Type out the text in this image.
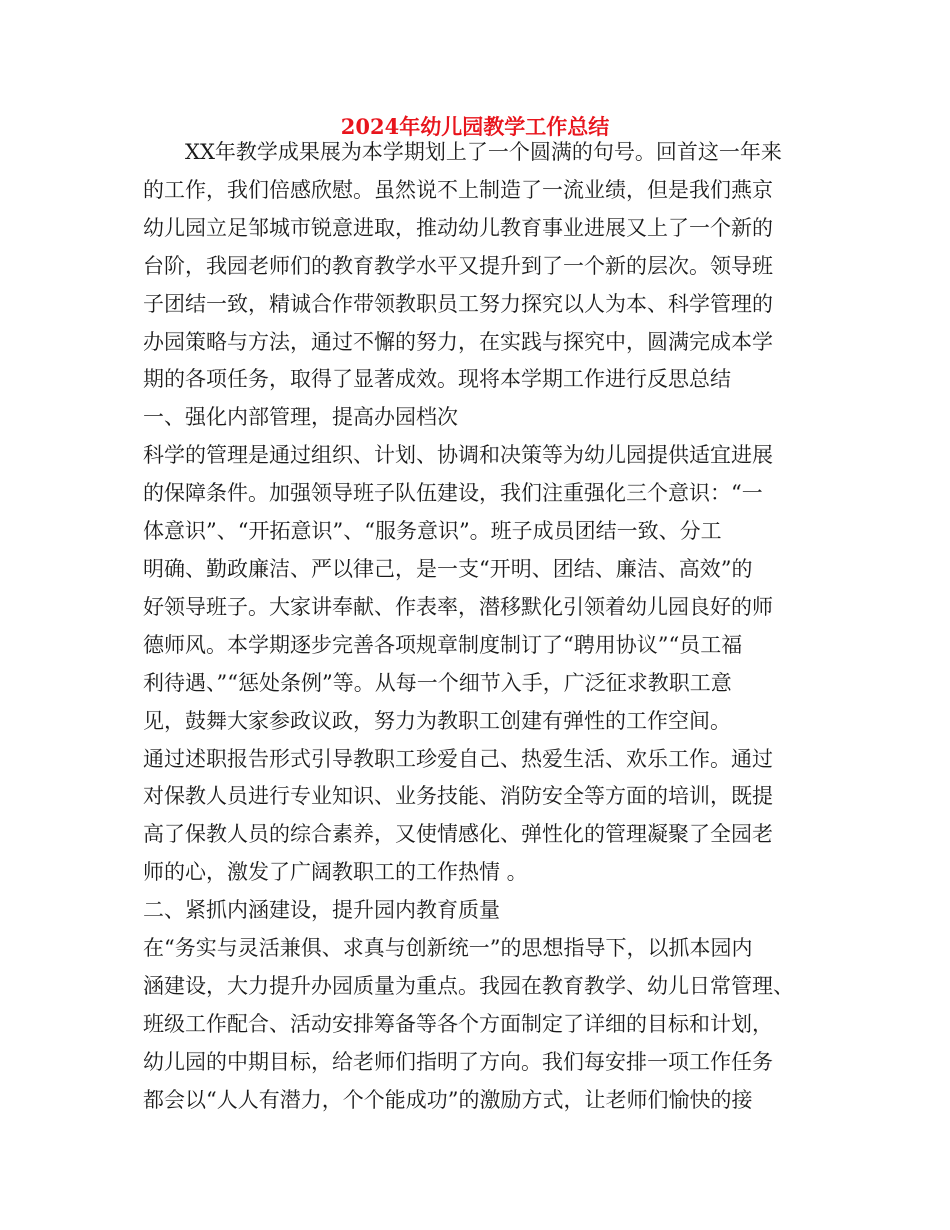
2024年幼儿园教学工作总结
　　XX年教学成果展为本学期划上了一个圆满的句号。回首这一年来
的工作，我们倍感欣慰。虽然说不上制造了一流业绩，但是我们燕京
幼儿园立足邹城市锐意进取，推动幼儿教育事业进展又上了一个新的
台阶，我园老师们的教育教学水平又提升到了一个新的层次。领导班
子团结一致，精诚合作带领教职员工努力探究以人为本、科学管理的
办园策略与方法，通过不懈的努力，在实践与探究中，圆满完成本学
期的各项任务，取得了显著成效。现将本学期工作进行反思总结
一、强化内部管理，提高办园档次
科学的管理是通过组织、计划、协调和决策等为幼儿园提供适宜进展
的保障条件。加强领导班子队伍建设，我们注重强化三个意识：“一
体意识”、“开拓意识”、“服务意识”。班子成员团结一致、分工
明确、勤政廉洁、严以律己，是一支“开明、团结、廉洁、高效”的
好领导班子。大家讲奉献、作表率，潜移默化引领着幼儿园良好的师
德师风。本学期逐步完善各项规章制度制订了“聘用协议”“员工福
利待遇、”“惩处条例”等。从每一个细节入手，广泛征求教职工意
见，鼓舞大家参政议政，努力为教职工创建有弹性的工作空间。
通过述职报告形式引导教职工珍爱自己、热爱生活、欢乐工作。通过
对保教人员进行专业知识、业务技能、消防安全等方面的培训，既提
高了保教人员的综合素养，又使情感化、弹性化的管理凝聚了全园老
师的心，激发了广阔教职工的工作热情 。
二、紧抓内涵建设，提升园内教育质量
在“务实与灵活兼俱、求真与创新统一”的思想指导下，以抓本园内
涵建设，大力提升办园质量为重点。我园在教育教学、幼儿日常管理、
班级工作配合、活动安排筹备等各个方面制定了详细的目标和计划，
幼儿园的中期目标，给老师们指明了方向。我们每安排一项工作任务
都会以“人人有潜力，个个能成功”的激励方式，让老师们愉快的接
